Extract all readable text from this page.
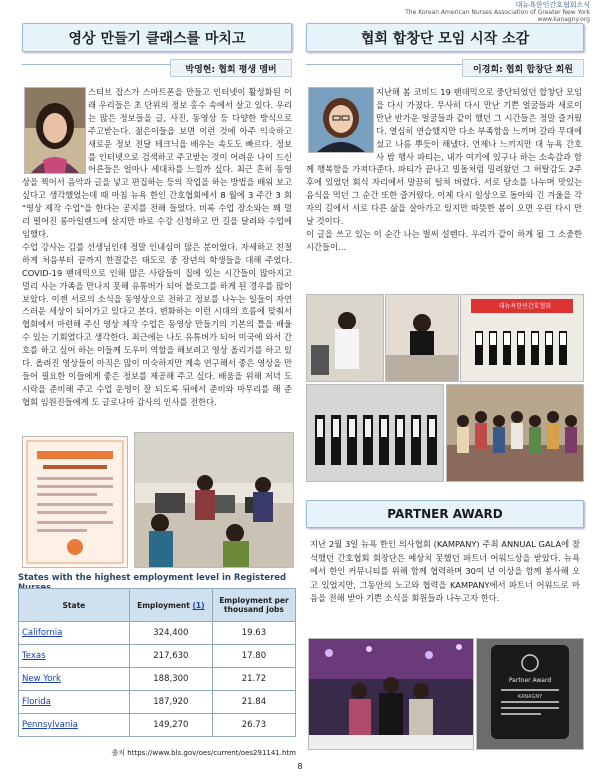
대뉴욕한인간호협회소식
The Korean American Nurses Association of Greater New York
www.kanagny.org
영상 만들기 클래스를 마치고
박영현: 협회 평생 멤버

스티브 잡스가 스마트폰을 만들고 인터넷이 활성화된 이래 우리들은 초 단위의 정보 홍수 속에서 살고 있다. 우리는 많은 정보들을 글, 사진, 동영상 등 다양한 방식으로 주고받는다. 젊은이들을 보면 이런 것에 아주 익숙하고 새로운 정보 전달 테크닉을 배우는 속도도 빠르다. 정보를 인터넷으로 검색하고 주고받는 것이 어려운 나이 드신 어른들은 얼마나 세대차를 느낄까 싶다. 최근 흔히 동영상을 찍어서 음악과 글을 넣고 편집하는 등의 작업을 하는 방법을 배워 보고 싶다고 생각했었는데 때 마침 뉴욕 한인 간호협회에서 8 월에 3 주간 3 회 "영상 제작 수업"을 한다는 공지를 전해 들었다. 비록 수업 장소와는 꽤 멀리 떨어진 롱아일랜드에 살지만 바로 수강 신청하고 먼 길을 달려와 수업에 임했다.

수업 강사는 김를 선생님인데 정말 인내심이 많은 분이었다. 자세하고 친절하게 처음부터 끝까지 한결같은 태도로 중 장년의 학생들을 대해 주었다. COVID-19 팬데믹으로 인해 많은 사람들이 집에 있는 시간들이 많아지고 멀리 사는 가족을 만나지 못해 유튜버가 되어 블로그를 하게 된 경우를 많이 보았다. 이젠 서로의 소식을 동영상으로 전하고 정보를 나누는 일들이 자연스러운 세상이 되어가고 있다고 본다. 변화하는 이런 시대의 흐름에 맞춰서 협회에서 마련해 주신 영상 제작 수업은 동영상 만들기의 기본의 틀을 배울 수 있는 기회였다고 생각한다. 최근에는 나도 유튜버가 되어 미국에 와서 간호를 하고 싶어 하는 이들께 도우미 역할을 해보려고 영상 올리기를 하고 있다. 올려진 영상들이 아직은 많이 미숙하지만 계속 연구해서 좋은 영상을 만들어 필요한 이들에게 좋은 정보를 제공해 주고 싶다. 배움을 위해 저녁 도시락을 준비해 주고 수업 운영이 잘 되도록 뒤에서 준비와 마무리를 해 준 협회 임원진들에게 도 글로나마 감사의 인사를 전한다.

States with the highest employment level in Registered
State	Employment (1)	Employment per thousand jobs
California	324,400	19.63
Texas	217,630	17.80
New York	188,300	21.72
Florida	187,920	21.84
Pennsylvania	149,270	26.73
출처 https://www.bls.gov/oes/current/oes291141.htm
협회 합창단 모임 시작 소감
이경희: 협회 합창단 회원

지난해 봄 코비드 19 팬데믹으로 중단되었던 합창단 모임을 다시 가졌다. 무사히 다시 만난 기쁜 얼굴들과 새로이 만난 반가운 얼굴들과 같이 했던 그 시간들은 정말 즐거웠다. 열심히 연습했지만 다소 부족함을 느끼며 갈라 무대에 섰고 나름 뿌듯이 해냈다. 언제나 느끼지만 대 뉴욕 간호사 밤 행사 파티는, 내가 여기에 있구나 하는 소속감과 함께 행복함을 가져다준다. 파티가 끝나고 빌돌처럼 밀려왔던 그 허탈감도 2주 후에 있었던 회식 자리에서 말끔히 털쳐 버렸다. 서로 담소를 나누며 맛있는 음식을 먹던 그 순간 또한 즐거웠다. 이제 다시 일상으로 돌아와 긴 겨울을 각자의 길에서 서로 다른 삶을 살아가고 있지만 따뜻한 봄이 오면 우린 다시 만날 것이다.

이 글을 쓰고 있는 이 순간 나는 벌써 설렌다. 우리가 같이 하게 될 그 소중한 시간들이…

대뉴욕한인간호협회
PARTNER AWARD

지난 2월 3일 뉴욕 한인 의사협회 (KAMPANY) 주최 ANNUAL GALA에 참석했던 간호협회 회장단은 예상치 못했던 파트너 어워드상을 받았다. 뉴욕에서 한인 커뮤니티를 위해 함께 협력하며 30여 년 이상을 함께 봉사해 오고 있었지만, 그동안의 노고와 협력을 KAMPANY에서 파트너 어워드로 마음을 전해 받아 기쁜 소식을 회원들과 나누고자 한다.

Partner Award
KANAGNY
8
